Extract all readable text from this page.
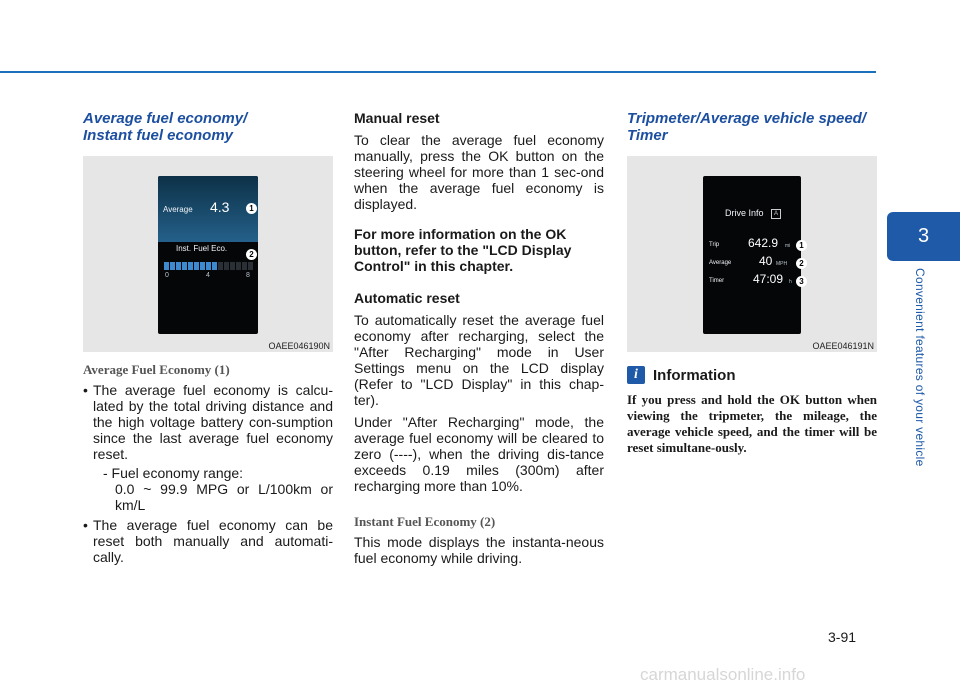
Average fuel economy/
Instant fuel economy
Average 4.3
Inst. Fuel Eco.
0	4	8
1
2
OAEE046190N
Average Fuel Economy (1)
• The average fuel economy is calcu-lated by the total driving distance and the high voltage battery con-sumption since the last average fuel economy reset.
- Fuel economy range:
0.0 ~ 99.9 MPG or L/100km or km/L
• The average fuel economy can be reset both manually and automati-cally.

Manual reset

To clear the average fuel economy manually, press the OK button on the steering wheel for more than 1 sec-ond when the average fuel economy is displayed.

For more information on the OK button, refer to the "LCD Display Control" in this chapter.

Automatic reset

To automatically reset the average fuel economy after recharging, select the "After Recharging" mode in User Settings menu on the LCD display (Refer to "LCD Display" in this chap-ter).

Under "After Recharging" mode, the average fuel economy will be cleared to zero (----), when the driving dis-tance exceeds 0.19 miles (300m) after recharging more than 10%.

Instant Fuel Economy (2)

This mode displays the instanta-neous fuel economy while driving.

Tripmeter/Average vehicle speed/
Timer
Drive Info	A
Trip 642.9 mi
Average 40 MPH
Timer 47:09 h
1
2
3
OAEE046191N
i	Information

If you press and hold the OK button when viewing the tripmeter, the mileage, the average vehicle speed, and the timer will be reset simultane-ously.

3
Convenient features of your vehicle
3-91
carmanualsonline.info
